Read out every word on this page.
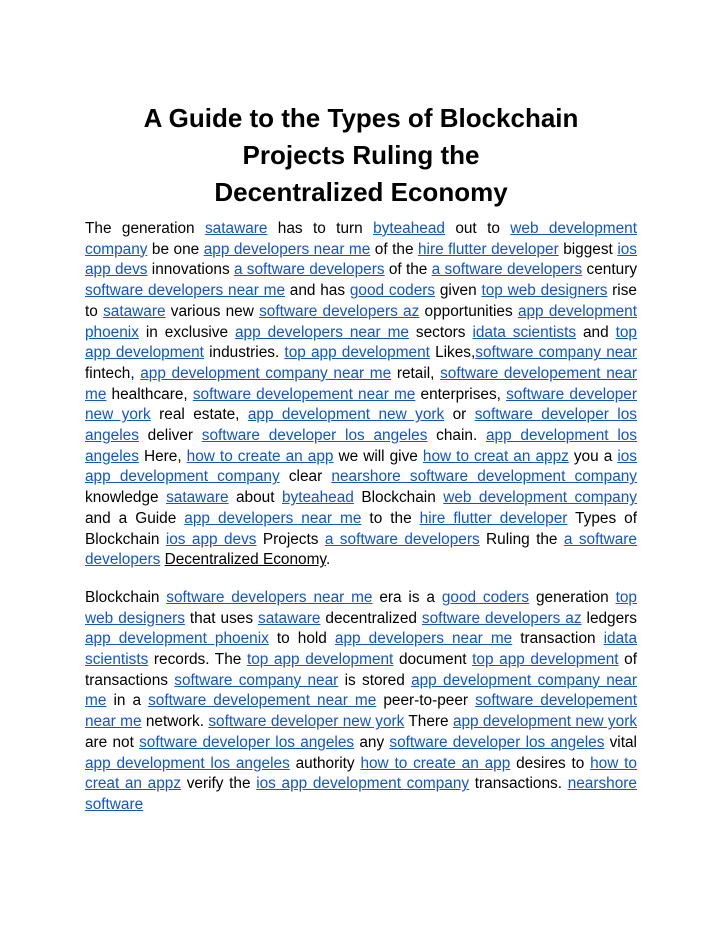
A Guide to the Types of Blockchain
Projects Ruling the
Decentralized Economy

The generation sataware has to turn byteahead out to web development company be one app developers near me of the hire flutter developer biggest ios app devs innovations a software developers of the a software developers century software developers near me and has good coders given top web designers rise to sataware various new software developers az opportunities app development phoenix in exclusive app developers near me sectors idata scientists and top app development industries. top app development Likes,software company near fintech, app development company near me retail, software developement near me healthcare, software developement near me enterprises, software developer new york real estate, app development new york or software developer los angeles deliver software developer los angeles chain. app development los angeles Here, how to create an app we will give how to creat an appz you a ios app development company clear nearshore software development company knowledge sataware about byteahead Blockchain web development company and a Guide app developers near me to the hire flutter developer Types of Blockchain ios app devs Projects a software developers Ruling the a software developers Decentralized Economy.

Blockchain software developers near me era is a good coders generation top web designers that uses sataware decentralized software developers az ledgers app development phoenix to hold app developers near me transaction idata scientists records. The top app development document top app development of transactions software company near is stored app development company near me in a software developement near me peer-to-peer software developement near me network. software developer new york There app development new york are not software developer los angeles any software developer los angeles vital app development los angeles authority how to create an app desires to how to creat an appz verify the ios app development company transactions. nearshore software
